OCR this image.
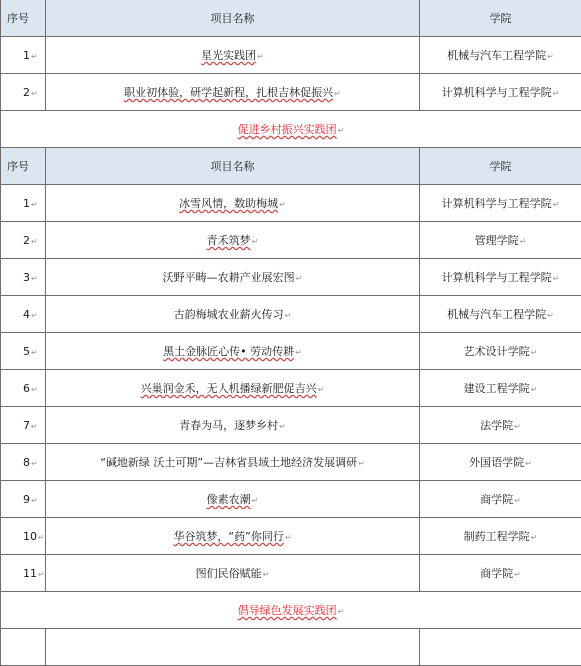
序号	项目名称	学院
1↵	星光实践团↵	机械与汽车工程学院↵
2↵	职业初体验，研学起新程，扎根吉林促振兴↵	计算机科学与工程学院↵
促进乡村振兴实践团↵		
序号	项目名称	学院
1↵	冰雪风情，数助梅城↵	计算机科学与工程学院↵
2↵	青禾筑梦↵	管理学院↵
3↵	沃野平畴—农耕产业展宏图↵	计算机科学与工程学院↵
4↵	古韵梅城农业薪火传习↵	机械与汽车工程学院↵
5↵	黑土金脉匠心传• 劳动传耕↵	艺术设计学院↵
6↵	兴巢润金禾，无人机播绿新肥促吉兴↵	建设工程学院↵
7↵	青春为马，逐梦乡村↵	法学院↵
8↵	“碱地新绿 沃土可期”—吉林省县域土地经济发展调研↵	外国语学院↵
9↵	像素农潮↵	商学院↵
10↵	华谷筑梦，“药”你同行↵	制药工程学院↵
11↵	图们民俗赋能↵	商学院↵
倡导绿色发展实践团↵		
